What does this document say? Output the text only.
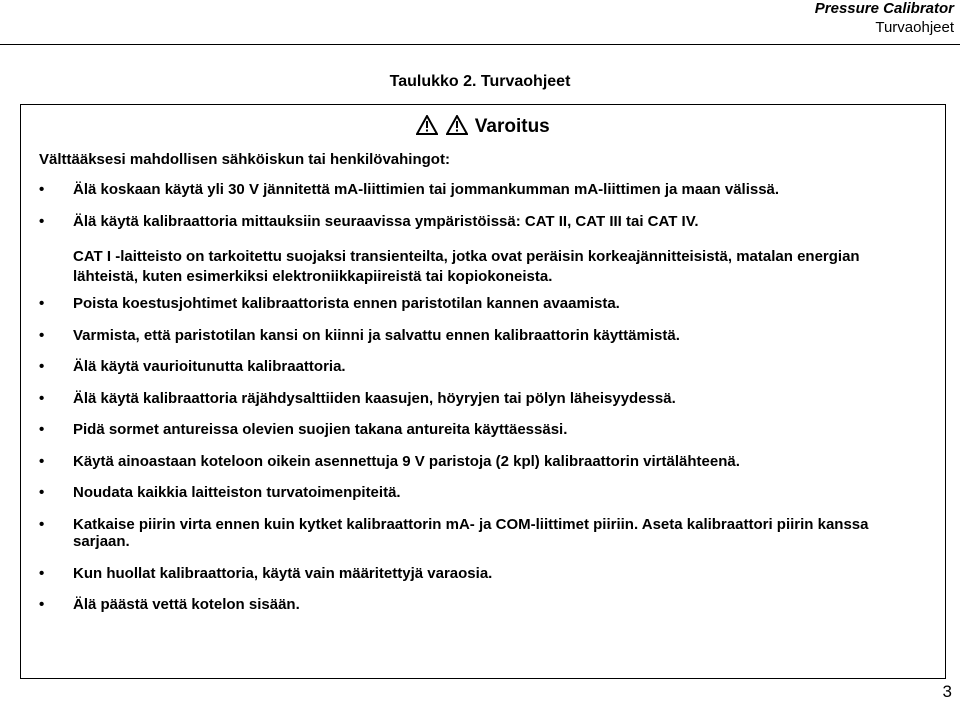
Pressure Calibrator
Turvaohjeet
Taulukko 2. Turvaohjeet
Varoitus
Välttääksesi mahdollisen sähköiskun tai henkilövahingot:
• Älä koskaan käytä yli 30 V jännitettä mA-liittimien tai jommankumman mA-liittimen ja maan välissä.
• Älä käytä kalibraattoria mittauksiin seuraavissa ympäristöissä: CAT II, CAT III tai CAT IV.
CAT I -laitteisto on tarkoitettu suojaksi transienteilta, jotka ovat peräisin korkeajännitteisistä, matalan energian lähteistä, kuten esimerkiksi elektroniikkapiireistä tai kopiokoneista.
• Poista koestusjohtimet kalibraattorista ennen paristotilan kannen avaamista.
• Varmista, että paristotilan kansi on kiinni ja salvattu ennen kalibraattorin käyttämistä.
• Älä käytä vaurioitunutta kalibraattoria.
• Älä käytä kalibraattoria räjähdysalttiiden kaasujen, höyryjen tai pölyn läheisyydessä.
• Pidä sormet antureissa olevien suojien takana antureita käyttäessäsi.
• Käytä ainoastaan koteloon oikein asennettuja 9 V paristoja (2 kpl) kalibraattorin virtälähteenä.
• Noudata kaikkia laitteiston turvatoimenpiteitä.
• Katkaise piirin virta ennen kuin kytket kalibraattorin mA- ja COM-liittimet piiriin. Aseta kalibraattori piirin kanssa sarjaan.
• Kun huollat kalibraattoria, käytä vain määritettyjä varaosia.
• Älä päästä vettä kotelon sisään.
3
